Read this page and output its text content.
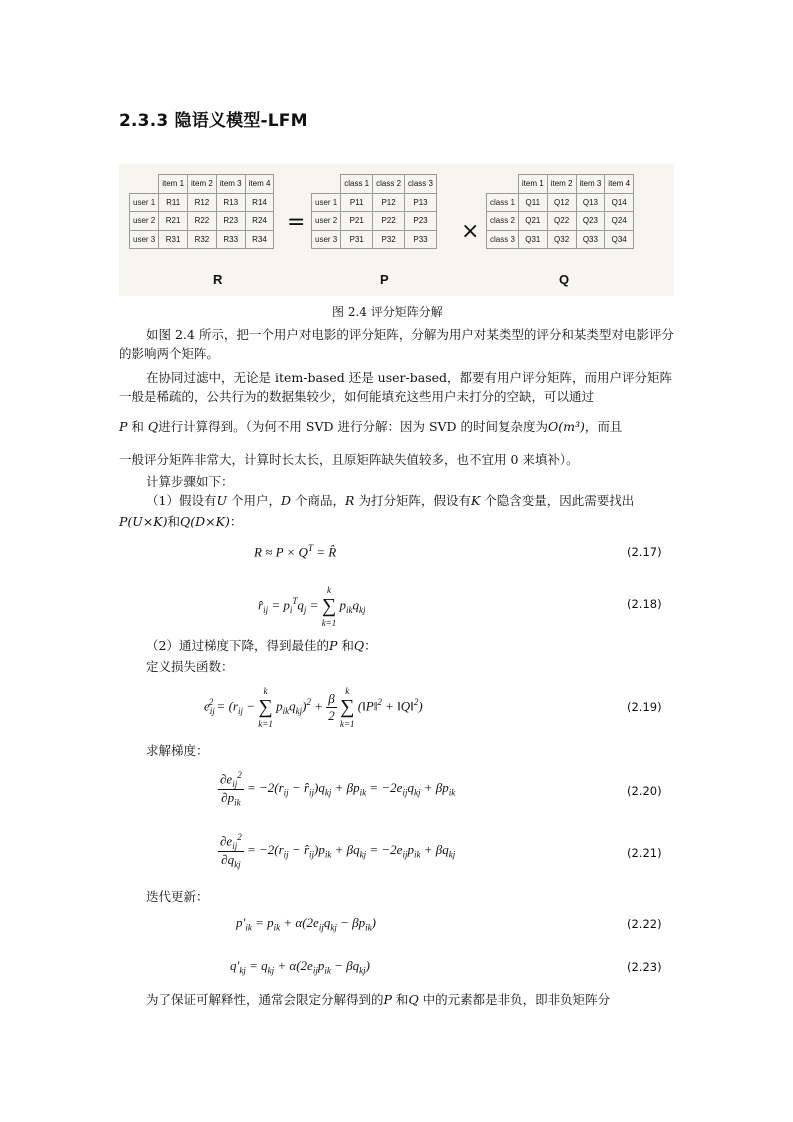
2.3.3 隐语义模型-LFM
	item 1	item 2	item 3	item 4
user 1	R11	R12	R13	R14
user 2	R21	R22	R23	R24
user 3	R31	R32	R33	R34
=
	class 1	class 2	class 3
user 1	P11	P12	P13
user 2	P21	P22	P23
user 3	P31	P32	P33 ×
	item 1	item 2	item 3	item 4
class 1	Q11	Q12	Q13	Q14
class 2	Q21	Q22	Q23	Q24
class 3	Q31	Q32	Q33	Q34
R	P	Q
图 2.4 评分矩阵分解
如图 2.4 所示，把一个用户对电影的评分矩阵，分解为用户对某类型的评分和某类型对电影评分的影响两个矩阵。
在协同过滤中，无论是 item-based 还是 user-based，都要有用户评分矩阵，而用户评分矩阵一般是稀疏的，公共行为的数据集较少，如何能填充这些用户未打分的空缺，可以通过
P 和 Q进行计算得到。（为何不用 SVD 进行分解：因为 SVD 的时间复杂度为O(m³)，而且
一般评分矩阵非常大，计算时长太长，且原矩阵缺失值较多，也不宜用 0 来填补）。
计算步骤如下：
（1）假设有U 个用户，D 个商品，R 为打分矩阵，假设有K 个隐含变量，因此需要找出
P(U×K)和Q(D×K)：
$R \approx P \times Q^T$ = R̂	(2.17)
$r̂_{ij} = p_i^Tq_j$ =
k
∑
k=1
$p_{ik}q_{kj}$	(2.18)
（2）通过梯度下降，得到最佳的P 和Q：
定义损失函数：
$e_{ij}^2 = (r_{ij}$ −
k
∑
k=1
$p_{ik}q_{kj})^2 + \frac{\beta}{2}$
k
∑
k=1
(‖P‖$^2$ + ‖Q‖$^2$)	(2.19)
求解梯度：
$\frac{\partial e_{ij}^2}{\partial p_{ik}} = -2(r_{ij}$ − $r̂_{ij})q_{kj} + \beta p_{ik} = -2e_{ij}q_{kj} + \beta p_{ik}$	(2.20)
$\frac{\partial e_{ij}^2}{\partial q_{kj}} = -2(r_{ij}$ − $r̂_{ij})p_{ik} + \beta q_{kj} = -2e_{ij}p_{ik} + \beta q_{kj}$	(2.21)
迭代更新：
$p'_{ik} = p_{ik} + \alpha(2e_{ij}q_{kj} - \beta p_{ik})$	(2.22)
$q'_{kj} = q_{kj} + \alpha(2e_{ij}p_{ik} - \beta q_{kj})$	(2.23)
为了保证可解释性，通常会限定分解得到的P 和Q 中的元素都是非负，即非负矩阵分
